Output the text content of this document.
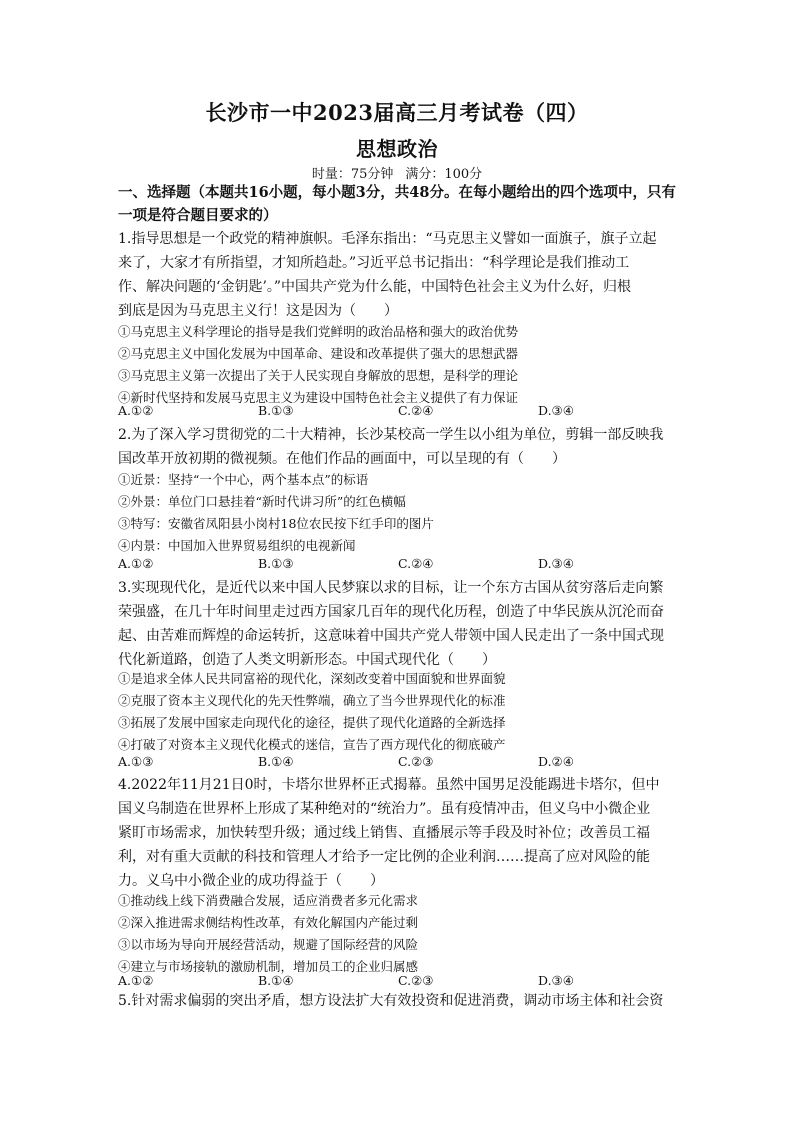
长沙市一中2023届高三月考试卷（四）
思想政治
时量：75分钟 满分：100分
一、选择题（本题共16小题，每小题3分，共48分。在每小题给出的四个选项中，只有
一项是符合题目要求的）
1.指导思想是一个政党的精神旗帜。毛泽东指出：“马克思主义譬如一面旗子，旗子立起
来了，大家才有所指望，才知所趋赴。”习近平总书记指出：“科学理论是我们推动工
作、解决问题的‘金钥匙’。”中国共产党为什么能，中国特色社会主义为什么好，归根
到底是因为马克思主义行！这是因为（　　）
①马克思主义科学理论的指导是我们党鲜明的政治品格和强大的政治优势
②马克思主义中国化发展为中国革命、建设和改革提供了强大的思想武器
③马克思主义第一次提出了关于人民实现自身解放的思想，是科学的理论
④新时代坚持和发展马克思主义为建设中国特色社会主义提供了有力保证
A.①②	B.①③	C.②④	D.③④
2.为了深入学习贯彻党的二十大精神，长沙某校高一学生以小组为单位，剪辑一部反映我
国改革开放初期的微视频。在他们作品的画面中，可以呈现的有（　　）
①近景：坚持“一个中心，两个基本点”的标语
②外景：单位门口悬挂着“新时代讲习所”的红色横幅
③特写：安徽省凤阳县小岗村18位农民按下红手印的图片
④内景：中国加入世界贸易组织的电视新闻
A.①②	B.①③	C.②④	D.③④
3.实现现代化，是近代以来中国人民梦寐以求的目标，让一个东方古国从贫穷落后走向繁
荣强盛，在几十年时间里走过西方国家几百年的现代化历程，创造了中华民族从沉沦而奋
起、由苦难而辉煌的命运转折，这意味着中国共产党人带领中国人民走出了一条中国式现
代化新道路，创造了人类文明新形态。中国式现代化（　　）
①是追求全体人民共同富裕的现代化，深刻改变着中国面貌和世界面貌
②克服了资本主义现代化的先天性弊端，确立了当今世界现代化的标准
③拓展了发展中国家走向现代化的途径，提供了现代化道路的全新选择
④打破了对资本主义现代化模式的迷信，宣告了西方现代化的彻底破产
A.①③	B.①④	C.②③	D.②④
4.2022年11月21日0时，卡塔尔世界杯正式揭幕。虽然中国男足没能踢进卡塔尔，但中
国义乌制造在世界杯上形成了某种绝对的“统治力”。虽有疫情冲击，但义乌中小微企业
紧盯市场需求，加快转型升级；通过线上销售、直播展示等手段及时补位；改善员工福
利，对有重大贡献的科技和管理人才给予一定比例的企业利润……提高了应对风险的能
力。义乌中小微企业的成功得益于（　　）
①推动线上线下消费融合发展，适应消费者多元化需求
②深入推进需求侧结构性改革，有效化解国内产能过剩
③以市场为导向开展经营活动，规避了国际经营的风险
④建立与市场接轨的激励机制，增加员工的企业归属感
A.①②	B.①④	C.②③	D.③④
5.针对需求偏弱的突出矛盾，想方设法扩大有效投资和促进消费，调动市场主体和社会资
